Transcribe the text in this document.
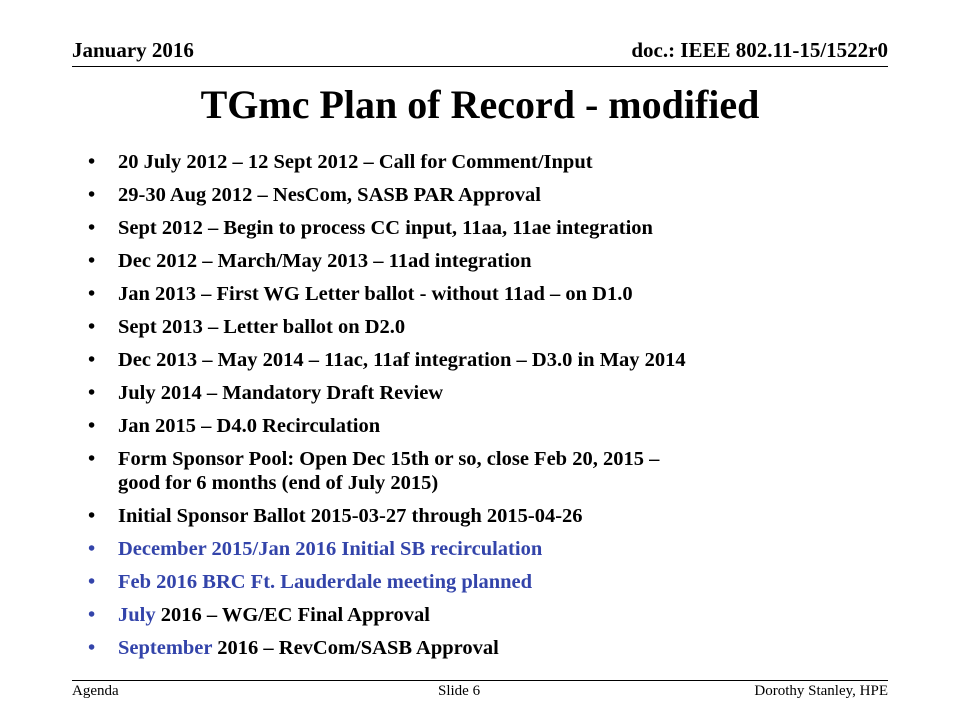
January 2016	doc.: IEEE 802.11-15/1522r0
TGmc Plan of Record - modified
• 20 July 2012 – 12 Sept 2012 – Call for Comment/Input
• 29-30 Aug 2012 – NesCom, SASB PAR Approval
• Sept 2012 – Begin to process CC input, 11aa, 11ae integration
• Dec 2012 – March/May 2013 – 11ad integration
• Jan 2013 – First WG Letter ballot - without 11ad – on D1.0
• Sept 2013 – Letter ballot on D2.0
• Dec 2013 – May 2014 – 11ac, 11af integration – D3.0 in May 2014
• July 2014 – Mandatory Draft Review
• Jan 2015 – D4.0 Recirculation
• Form Sponsor Pool: Open Dec 15th or so, close Feb 20, 2015 –
good for 6 months (end of July 2015)
• Initial Sponsor Ballot 2015-03-27 through 2015-04-26
• December 2015/Jan 2016 Initial SB recirculation
• Feb 2016 BRC Ft. Lauderdale meeting planned
• July 2016 – WG/EC Final Approval
• September 2016 – RevCom/SASB Approval
Agenda	Slide 6	Dorothy Stanley, HPE
